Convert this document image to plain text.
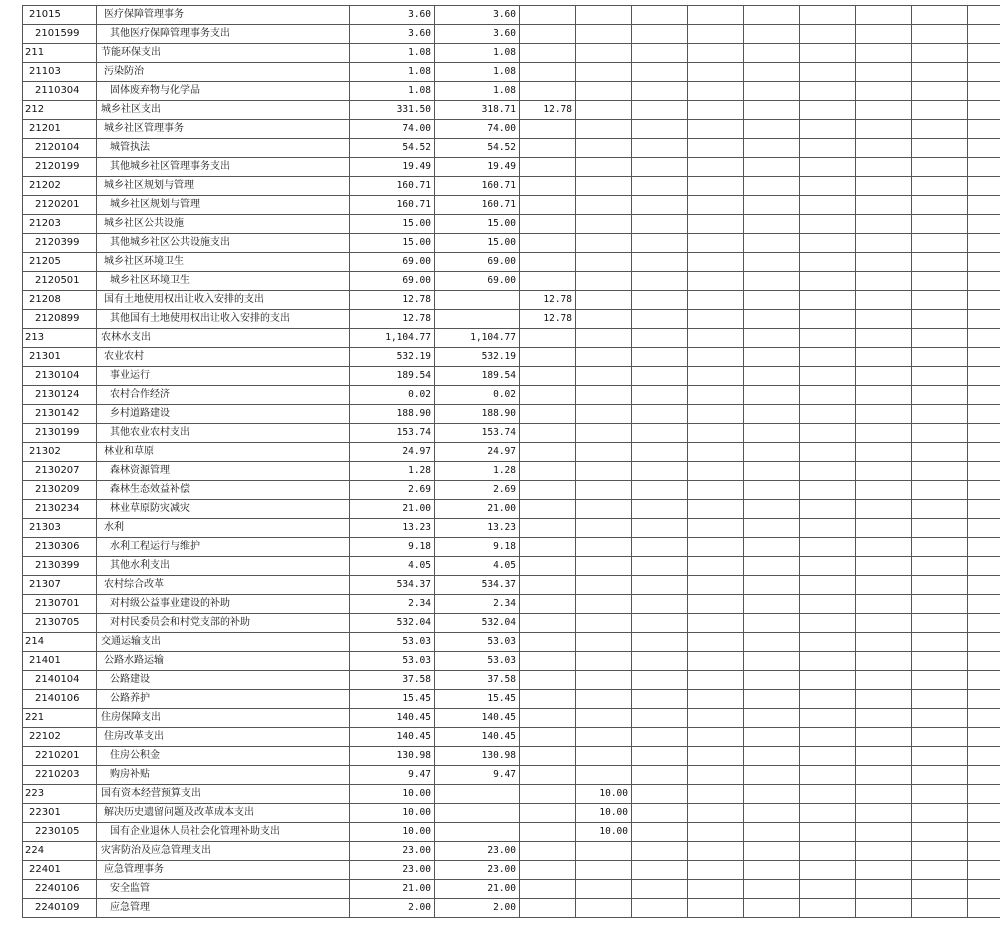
21015	医疗保障管理事务	3.60	3.60										
2101599	其他医疗保障管理事务支出	3.60	3.60										
211	节能环保支出	1.08	1.08										
21103	污染防治	1.08	1.08										
2110304	固体废弃物与化学品	1.08	1.08										
212	城乡社区支出	331.50	318.71	12.78									
21201	城乡社区管理事务	74.00	74.00										
2120104	城管执法	54.52	54.52										
2120199	其他城乡社区管理事务支出	19.49	19.49										
21202	城乡社区规划与管理	160.71	160.71										
2120201	城乡社区规划与管理	160.71	160.71										
21203	城乡社区公共设施	15.00	15.00										
2120399	其他城乡社区公共设施支出	15.00	15.00										
21205	城乡社区环境卫生	69.00	69.00										
2120501	城乡社区环境卫生	69.00	69.00										
21208	国有土地使用权出让收入安排的支出	12.78		12.78									
2120899	其他国有土地使用权出让收入安排的支出	12.78		12.78									
213	农林水支出	1,104.77	1,104.77										
21301	农业农村	532.19	532.19										
2130104	事业运行	189.54	189.54										
2130124	农村合作经济	0.02	0.02										
2130142	乡村道路建设	188.90	188.90										
2130199	其他农业农村支出	153.74	153.74										
21302	林业和草原	24.97	24.97										
2130207	森林资源管理	1.28	1.28										
2130209	森林生态效益补偿	2.69	2.69										
2130234	林业草原防灾减灾	21.00	21.00										
21303	水利	13.23	13.23										
2130306	水利工程运行与维护	9.18	9.18										
2130399	其他水利支出	4.05	4.05										
21307	农村综合改革	534.37	534.37										
2130701	对村级公益事业建设的补助	2.34	2.34										
2130705	对村民委员会和村党支部的补助	532.04	532.04										
214	交通运输支出	53.03	53.03										
21401	公路水路运输	53.03	53.03										
2140104	公路建设	37.58	37.58										
2140106	公路养护	15.45	15.45										
221	住房保障支出	140.45	140.45										
22102	住房改革支出	140.45	140.45										
2210201	住房公积金	130.98	130.98										
2210203	购房补贴	9.47	9.47										
223	国有资本经营预算支出	10.00			10.00								
22301	解决历史遗留问题及改革成本支出	10.00			10.00								
2230105	国有企业退休人员社会化管理补助支出	10.00			10.00								
224	灾害防治及应急管理支出	23.00	23.00										
22401	应急管理事务	23.00	23.00										
2240106	安全监管	21.00	21.00										
2240109	应急管理	2.00	2.00										
